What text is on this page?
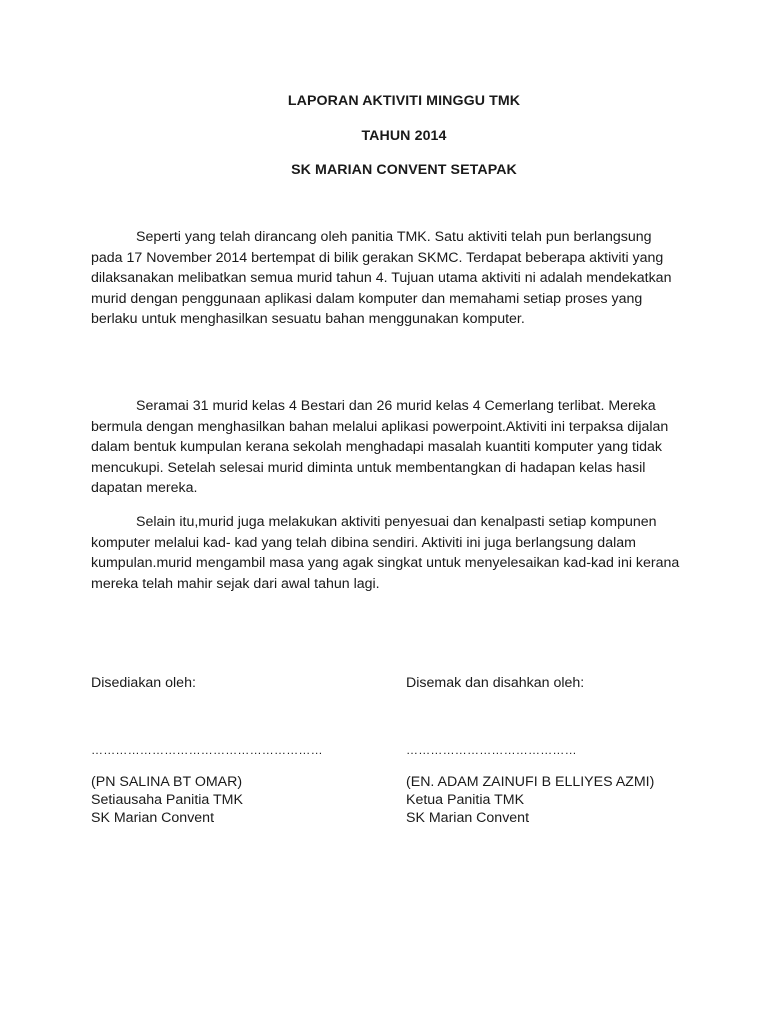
LAPORAN AKTIVITI MINGGU TMK
TAHUN 2014
SK MARIAN CONVENT SETAPAK

Seperti yang telah dirancang oleh panitia TMK. Satu aktiviti telah pun berlangsung pada 17 November 2014 bertempat di bilik gerakan SKMC. Terdapat beberapa aktiviti yang dilaksanakan melibatkan semua murid tahun 4. Tujuan utama aktiviti ni adalah mendekatkan murid dengan penggunaan aplikasi dalam komputer dan memahami setiap proses yang berlaku untuk menghasilkan sesuatu bahan menggunakan komputer.

Seramai 31 murid kelas 4 Bestari dan 26 murid kelas 4 Cemerlang terlibat. Mereka bermula dengan menghasilkan bahan melalui aplikasi powerpoint.Aktiviti ini terpaksa dijalan dalam bentuk kumpulan kerana sekolah menghadapi masalah kuantiti komputer yang tidak mencukupi. Setelah selesai murid diminta untuk membentangkan di hadapan kelas hasil dapatan mereka.

Selain itu,murid juga melakukan aktiviti penyesuai dan kenalpasti setiap kompunen komputer melalui kad- kad yang telah dibina sendiri. Aktiviti ini juga berlangsung dalam kumpulan.murid mengambil masa yang agak singkat untuk menyelesaikan kad-kad ini kerana mereka telah mahir sejak dari awal tahun lagi.

Disediakan oleh:

…………………………………………………
(PN SALINA BT OMAR)
Setiausaha Panitia TMK
SK Marian Convent

Disemak dan disahkan oleh:

……………………………………
(EN. ADAM ZAINUFI B ELLIYES AZMI)
Ketua Panitia TMK
SK Marian Convent
